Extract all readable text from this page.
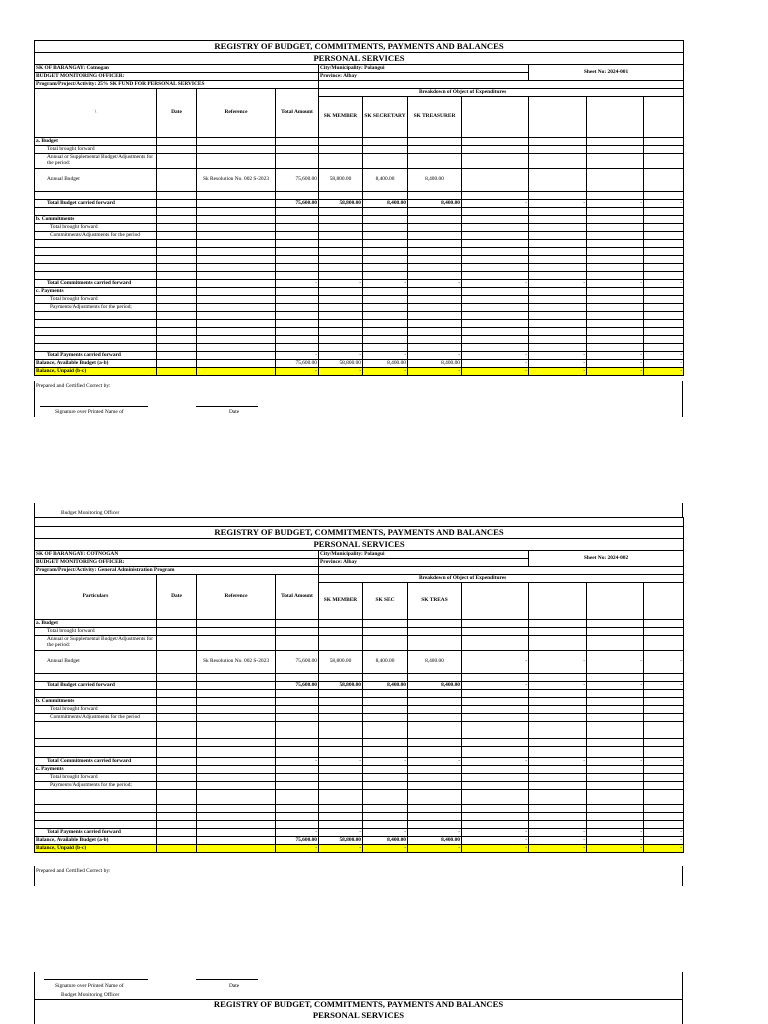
REGISTRY OF BUDGET, COMMITMENTS, PAYMENTS AND BALANCES										
PERSONAL SERVICES										
SK OF BARANGAY: Cotnogan				City/Municipality: Polangui				Sheet No: 2024-001		
BUDGET MONITORING OFFICER:				Province: Albay						
Program/Project/Activity: 25% SK FUND FOR PERSONAL SERVICES										
\	Date	Reference	Total Amount	Breakdown of Object of Expenditures						
				SK MEMBER	SK SECRETARY	SK TREASURER				
a. Budget										
Total brought forward										
Annual or Supplemental Budget/Adjustments for the period:										
Annual Budget		Sk Resolution No. 002 S-2023	75,600.00	58,800.00	8,400.00	8,400.00				

Total Budget carried forward			75,600.00	58,800.00	8,400.00	8,400.00	-	-	-	-

b. Commitments										
Total brought forward										
Commitments/Adjustments for the period										

Total Commitments carried forward			-	-	-	-	-	-	-	-
c. Payments										
Total brought forward										
Payments/Adjustments for the period;										

Total Payments carried forward			-	-	-	-	-	-	-	-
Balance, Available Budget (a-b)			75,600.00	58,800.00	8,400.00	8,400.00	-	-	-	-
Balance, Unpaid (b-c)			-	-	-	-	-	-	-	-
Prepared and Certified Correct by:
Signature over Printed Name of	Date
Budget Monitoring Officer

REGISTRY OF BUDGET, COMMITMENTS, PAYMENTS AND BALANCES										
PERSONAL SERVICES										
SK OF BARANGAY: COTNOGAN				City/Municipality: Polangui				Sheet No: 2024-002		
BUDGET MONITORING OFFICER:				Province: Albay						
Program/Project/Activity: General Administration Program										
Particulars	Date	Reference	Total Amount	Breakdown of Object of Expenditures						
				SK MEMBER	SK SEC	SK TREAS				
a. Budget										
Total brought forward										
Annual or Supplemental Budget/Adjustments for the period:										
Annual Budget		Sk Resolution No. 002 S-2023	75,600.00	58,800.00	8,400.00	8,400.00	-	-	-	-

Total Budget carried forward			75,600.00	58,800.00	8,400.00	8,400.00	-	-	-	-

b. Commitments										
Total brought forward										
Commitments/Adjustments for the period										

Total Commitments carried forward			-	-	-	-	-	-	-	-
c. Payments										
Total brought forward										
Payments/Adjustments for the period;										

Total Payments carried forward			-	-	-	-	-	-	-	-
Balance, Available Budget (a-b)			75,600.00	58,800.00	8,400.00	8,400.00	-	-	-	-
Balance, Unpaid (b-c)			-	-	-	-	-	-	-	-
Prepared and Certified Correct by:
Signature over Printed Name of	Date
Budget Monitoring Officer
REGISTRY OF BUDGET, COMMITMENTS, PAYMENTS AND BALANCES
PERSONAL SERVICES
